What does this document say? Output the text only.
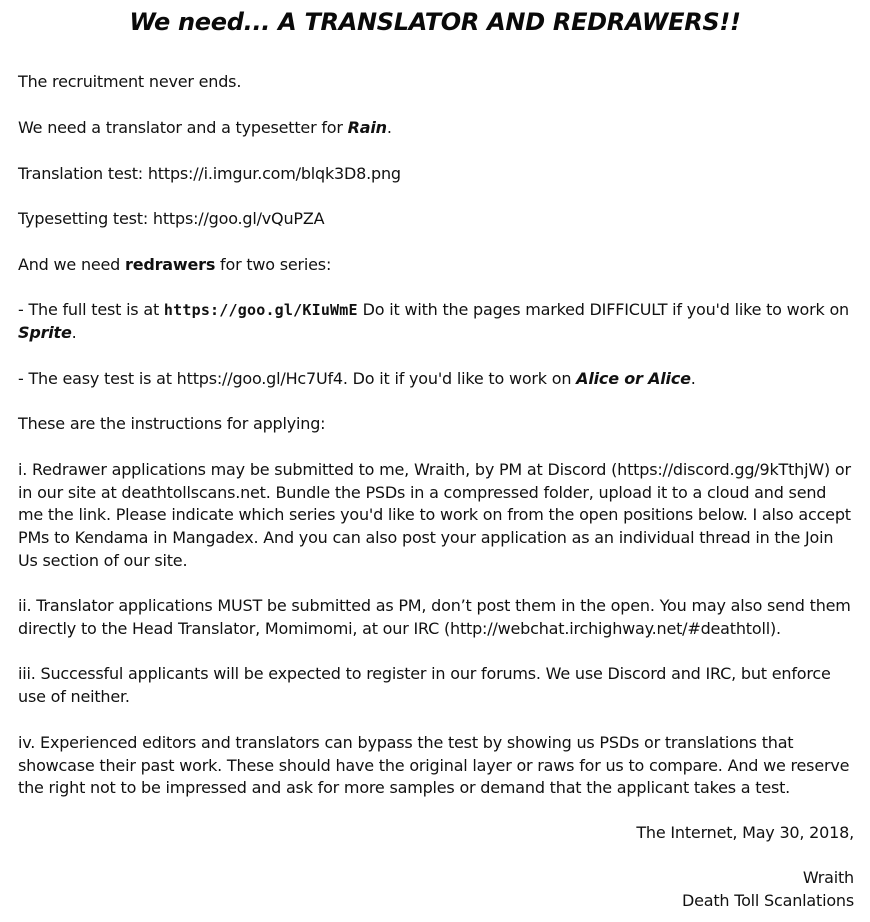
We need... A TRANSLATOR AND REDRAWERS!!
The recruitment never ends.
We need a translator and a typesetter for Rain.
Translation test: https://i.imgur.com/blqk3D8.png
Typesetting test: https://goo.gl/vQuPZA
And we need redrawers for two series:
- The full test is at https://goo.gl/KIuWmE Do it with the pages marked DIFFICULT if you'd like to work on Sprite.
- The easy test is at https://goo.gl/Hc7Uf4. Do it if you'd like to work on Alice or Alice.
These are the instructions for applying:
i. Redrawer applications may be submitted to me, Wraith, by PM at Discord (https://discord.gg/9kTthjW) or in our site at deathtollscans.net. Bundle the PSDs in a compressed folder, upload it to a cloud and send me the link. Please indicate which series you'd like to work on from the open positions below. I also accept PMs to Kendama in Mangadex. And you can also post your application as an individual thread in the Join Us section of our site.
ii. Translator applications MUST be submitted as PM, don’t post them in the open. You may also send them directly to the Head Translator, Momimomi, at our IRC (http://webchat.irchighway.net/#deathtoll).
iii. Successful applicants will be expected to register in our forums. We use Discord and IRC, but enforce use of neither.
iv. Experienced editors and translators can bypass the test by showing us PSDs or translations that showcase their past work. These should have the original layer or raws for us to compare. And we reserve the right not to be impressed and ask for more samples or demand that the applicant takes a test.
The Internet, May 30, 2018,
Wraith
Death Toll Scanlations
